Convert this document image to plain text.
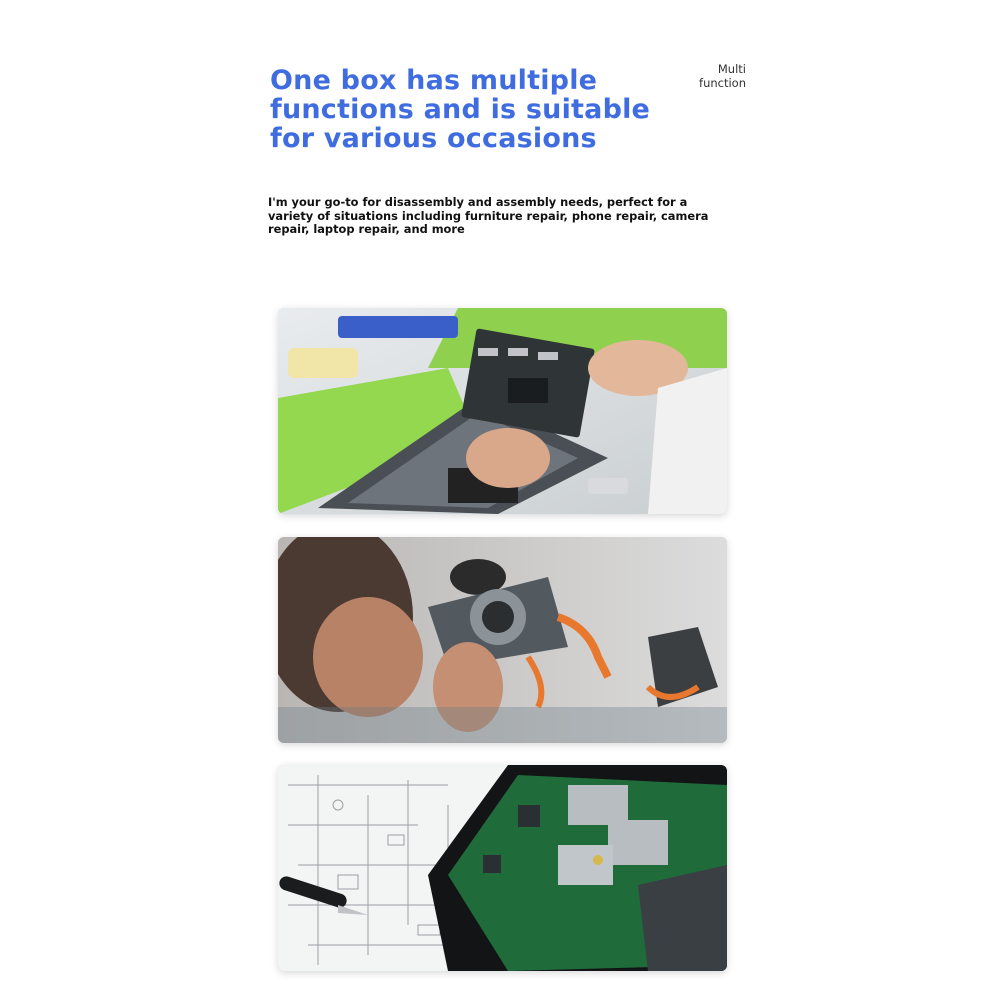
One box has multiple functions and is suitable for various occasions
Multi
function

I'm your go-to for disassembly and assembly needs, perfect for a variety of situations including furniture repair, phone repair, camera repair, laptop repair, and more
